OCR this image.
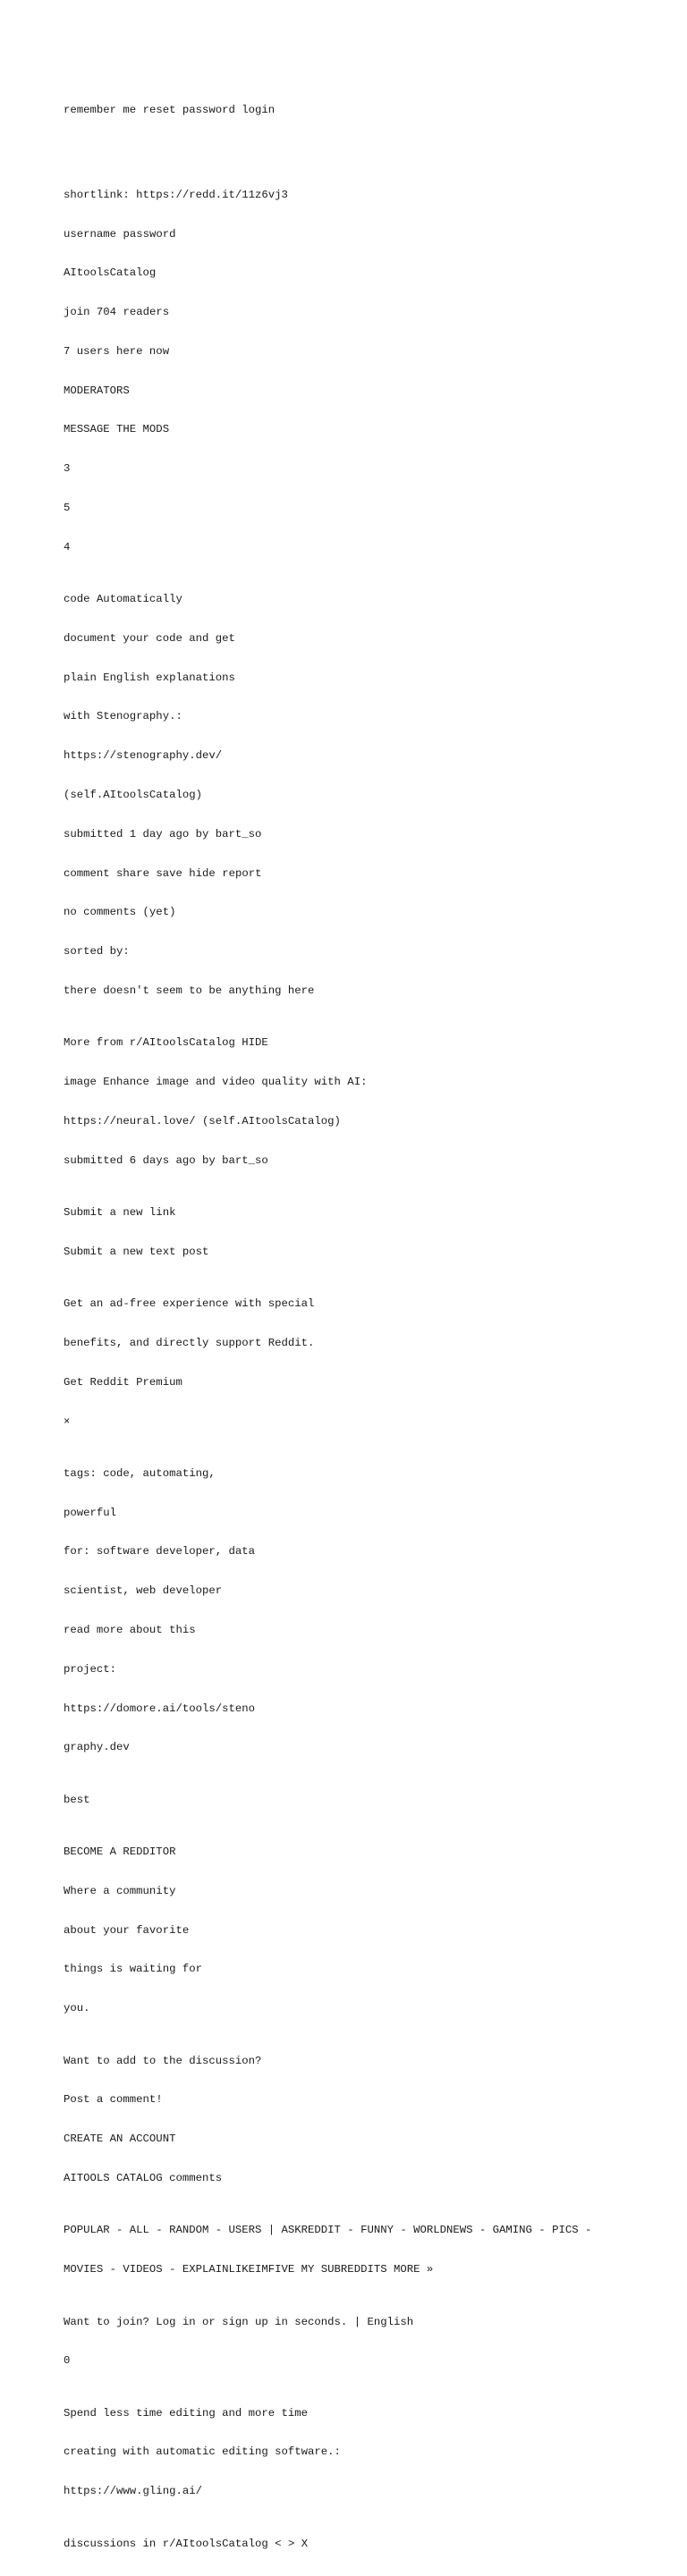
remember me reset password login

shortlink: https://redd.it/11z6vj3

username password

AItoolsCatalog

join 704 readers

7 users here now

MODERATORS

MESSAGE THE MODS

3

5

4

code Automatically

document your code and get

plain English explanations

with Stenography.:

https://stenography.dev/

(self.AItoolsCatalog)

submitted 1 day ago by bart_so

comment share save hide report

no comments (yet)

sorted by:

there doesn't seem to be anything here

More from r/AItoolsCatalog HIDE

image Enhance image and video quality with AI:

https://neural.love/ (self.AItoolsCatalog)

submitted 6 days ago by bart_so

Submit a new link

Submit a new text post

Get an ad-free experience with special

benefits, and directly support Reddit.

Get Reddit Premium

×

tags: code, automating,

powerful

for: software developer, data

scientist, web developer

read more about this

project:

https://domore.ai/tools/steno

graphy.dev

best

BECOME A REDDITOR

Where a community

about your favorite

things is waiting for

you.

Want to add to the discussion?

Post a comment!

CREATE AN ACCOUNT

AITOOLS CATALOG comments

POPULAR - ALL - RANDOM - USERS | ASKREDDIT - FUNNY - WORLDNEWS - GAMING - PICS -

MOVIES - VIDEOS - EXPLAINLIKEIMFIVE MY SUBREDDITS MORE »

Want to join? Log in or sign up in seconds. | English

0

Spend less time editing and more time

creating with automatic editing software.:

https://www.gling.ai/

discussions in r/AItoolsCatalog < > X
